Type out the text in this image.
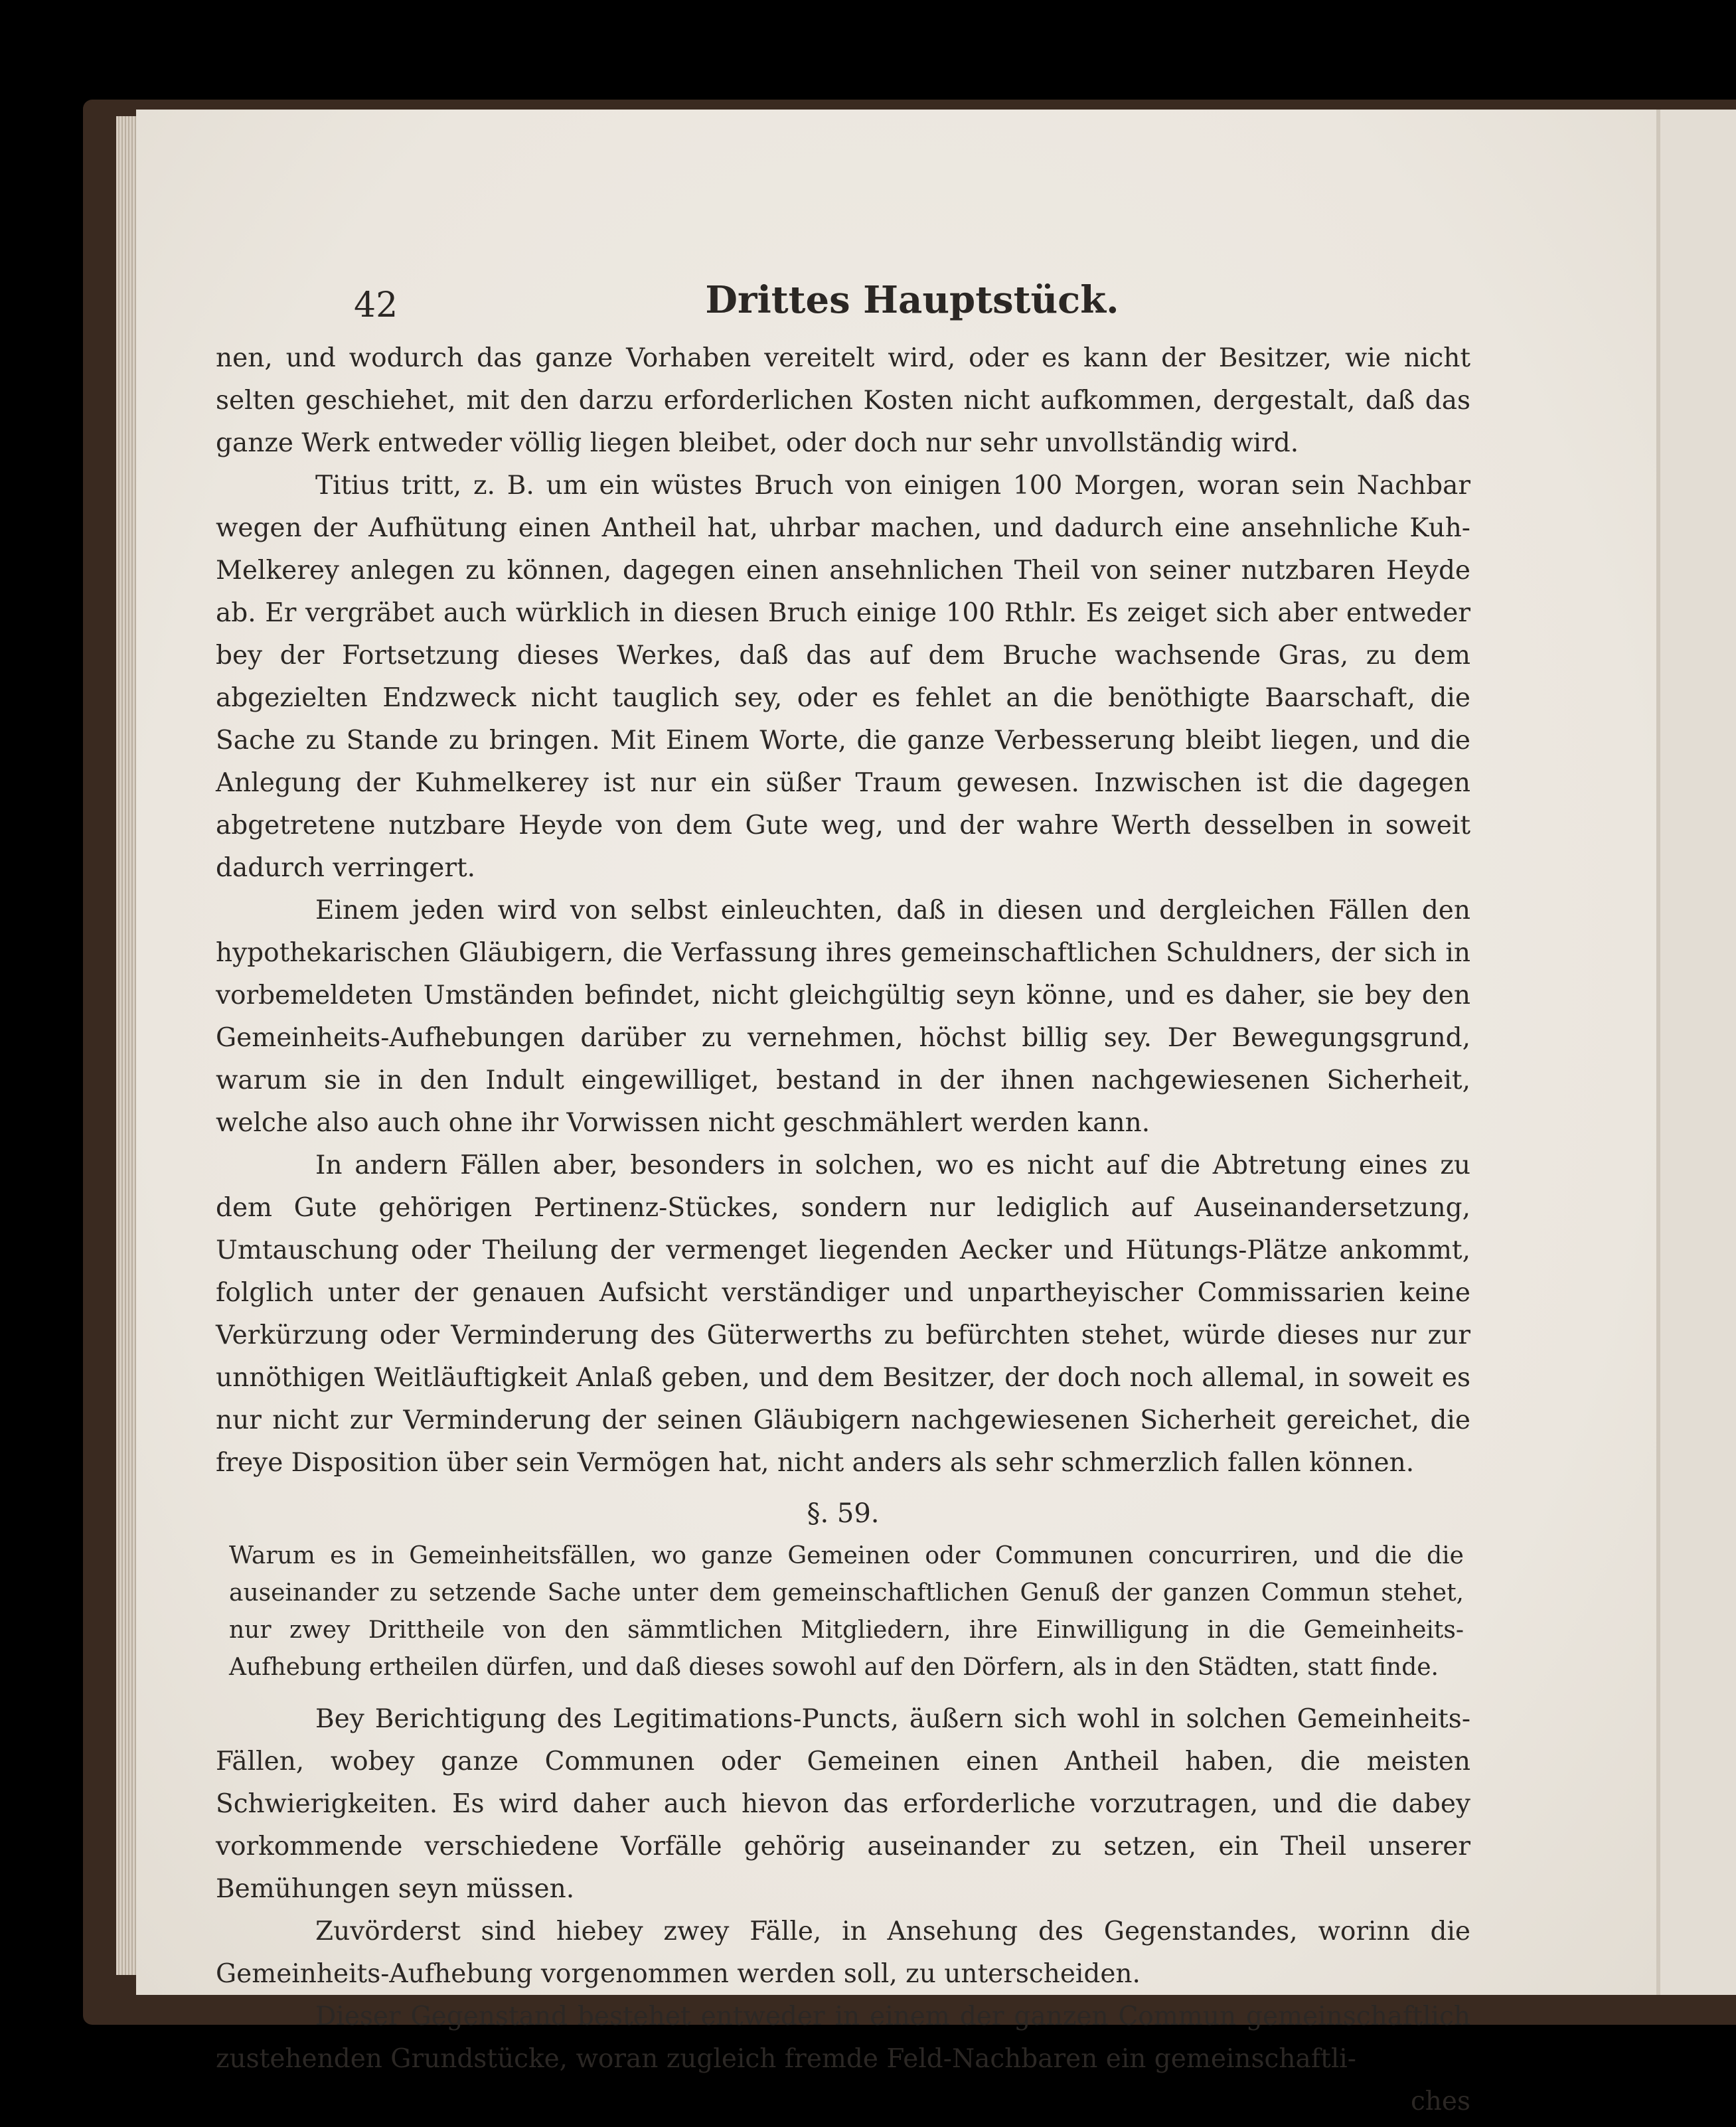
42	Drittes Hauptstück.

nen, und wodurch das ganze Vorhaben vereitelt wird, oder es kann der Besitzer, wie nicht selten geschiehet, mit den darzu erforderlichen Kosten nicht aufkommen, dergestalt, daß das ganze Werk entweder völlig liegen bleibet, oder doch nur sehr unvollständig wird.

Titius tritt, z. B. um ein wüstes Bruch von einigen 100 Morgen, woran sein Nachbar wegen der Aufhütung einen Antheil hat, uhrbar machen, und dadurch eine ansehnliche Kuh-Melkerey anlegen zu können, dagegen einen ansehnlichen Theil von seiner nutzbaren Heyde ab. Er vergräbet auch würklich in diesen Bruch einige 100 Rthlr. Es zeiget sich aber entweder bey der Fortsetzung dieses Werkes, daß das auf dem Bruche wachsende Gras, zu dem abgezielten Endzweck nicht tauglich sey, oder es fehlet an die benöthigte Baarschaft, die Sache zu Stande zu bringen. Mit Einem Worte, die ganze Verbesserung bleibt liegen, und die Anlegung der Kuhmelkerey ist nur ein süßer Traum gewesen. Inzwischen ist die dagegen abgetretene nutzbare Heyde von dem Gute weg, und der wahre Werth desselben in soweit dadurch verringert.

Einem jeden wird von selbst einleuchten, daß in diesen und dergleichen Fällen den hypothekarischen Gläubigern, die Verfassung ihres gemeinschaftlichen Schuldners, der sich in vorbemeldeten Umständen befindet, nicht gleichgültig seyn könne, und es daher, sie bey den Gemeinheits-Aufhebungen darüber zu vernehmen, höchst billig sey. Der Bewegungsgrund, warum sie in den Indult eingewilliget, bestand in der ihnen nachgewiesenen Sicherheit, welche also auch ohne ihr Vorwissen nicht geschmählert werden kann.

In andern Fällen aber, besonders in solchen, wo es nicht auf die Abtretung eines zu dem Gute gehörigen Pertinenz-Stückes, sondern nur lediglich auf Auseinandersetzung, Umtauschung oder Theilung der vermenget liegenden Aecker und Hütungs-Plätze ankommt, folglich unter der genauen Aufsicht verständiger und unpartheyischer Commissarien keine Verkürzung oder Verminderung des Güterwerths zu befürchten stehet, würde dieses nur zur unnöthigen Weitläuftigkeit Anlaß geben, und dem Besitzer, der doch noch allemal, in soweit es nur nicht zur Verminderung der seinen Gläubigern nachgewiesenen Sicherheit gereichet, die freye Disposition über sein Vermögen hat, nicht anders als sehr schmerzlich fallen können.

§. 59.
Warum es in Gemeinheitsfällen, wo ganze Gemeinen oder Communen concurriren, und die die auseinander zu setzende Sache unter dem gemeinschaftlichen Genuß der ganzen Commun stehet, nur zwey Drittheile von den sämmtlichen Mitgliedern, ihre Einwilligung in die Gemeinheits-Aufhebung ertheilen dürfen, und daß dieses sowohl auf den Dörfern, als in den Städten, statt finde.

Bey Berichtigung des Legitimations-Puncts, äußern sich wohl in solchen Gemeinheits-Fällen, wobey ganze Communen oder Gemeinen einen Antheil haben, die meisten Schwierigkeiten. Es wird daher auch hievon das erforderliche vorzutragen, und die dabey vorkommende verschiedene Vorfälle gehörig auseinander zu setzen, ein Theil unserer Bemühungen seyn müssen.

Zuvörderst sind hiebey zwey Fälle, in Ansehung des Gegenstandes, worinn die Gemeinheits-Aufhebung vorgenommen werden soll, zu unterscheiden.

Dieser Gegenstand bestehet entweder in einem der ganzen Commun gemeinschaftlich zustehenden Grundstücke, woran zugleich fremde Feld-Nachbaren ein gemeinschaftli-

ches
